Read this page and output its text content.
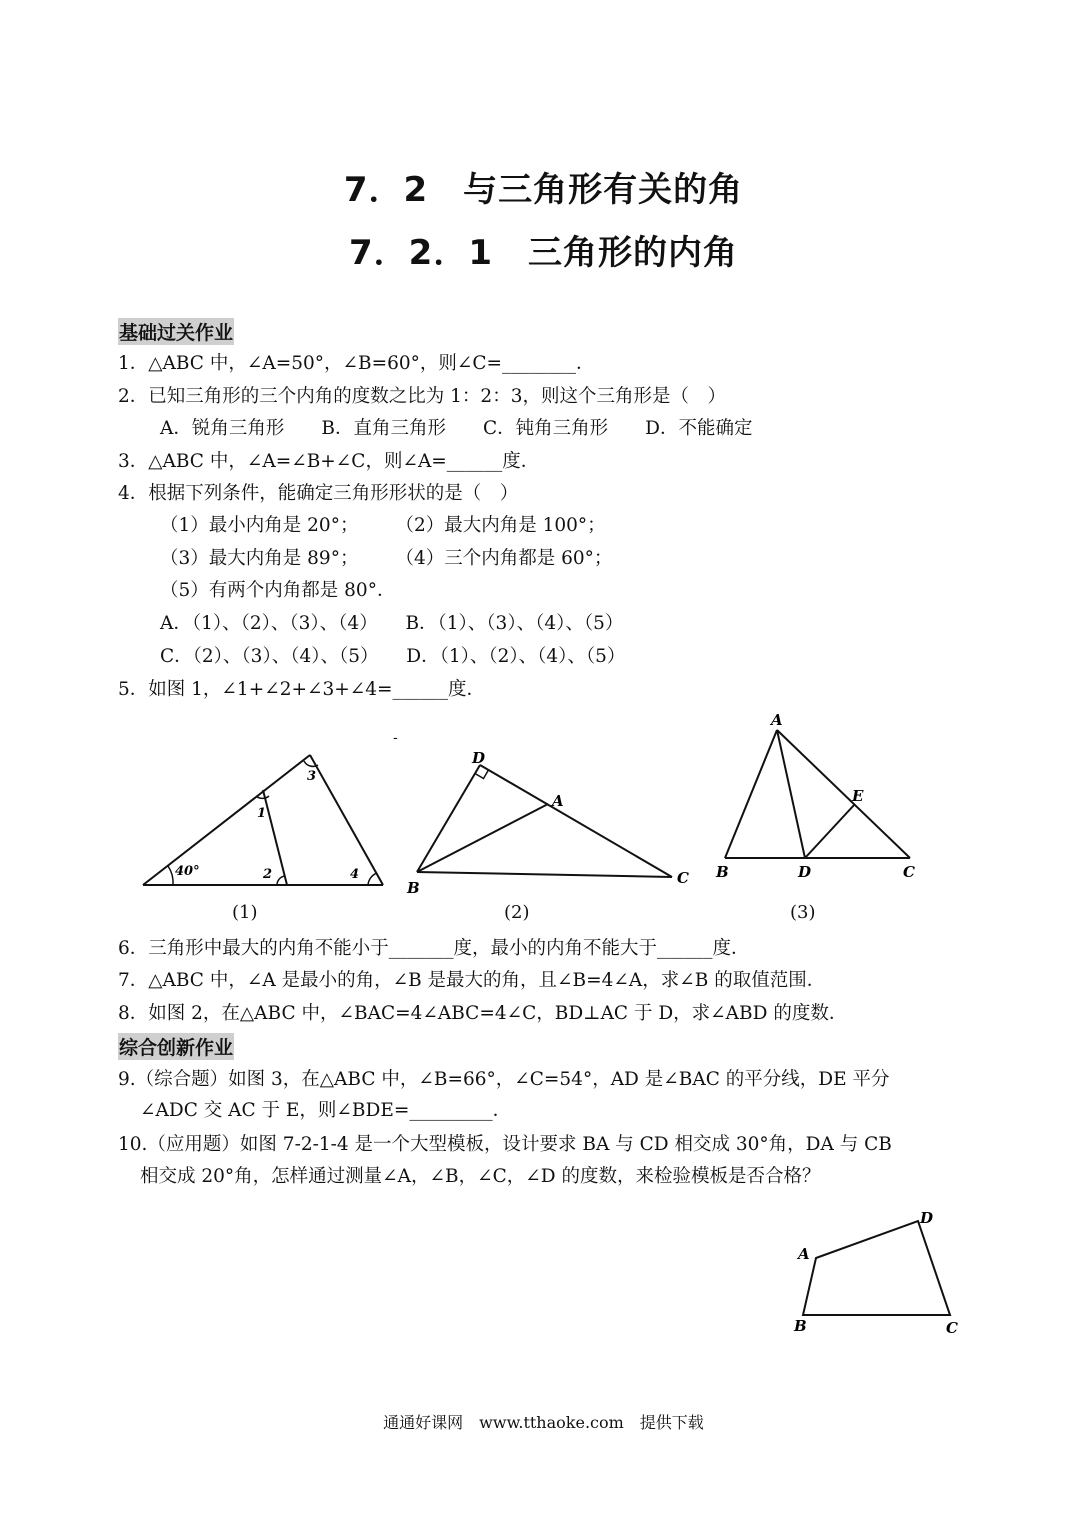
7．2　与三角形有关的角
7．2．1　三角形的内角
基础过关作业
1．△ABC 中，∠A=50°，∠B=60°，则∠C=________．
2．已知三角形的三个内角的度数之比为 1：2：3，则这个三角形是（　）
A．锐角三角形　　B．直角三角形　　C．钝角三角形　　D．不能确定
3．△ABC 中，∠A=∠B+∠C，则∠A=______度．
4．根据下列条件，能确定三角形形状的是（　）
（1）最小内角是 20°；　　　（2）最大内角是 100°；
（3）最大内角是 89°；　　　（4）三个内角都是 60°；
（5）有两个内角都是 80°．
A．（1）、（2）、（3）、（4）　　B．（1）、（3）、（4）、（5）
C．（2）、（3）、（4）、（5）　　D．（1）、（2）、（4）、（5）
5．如图 1，∠1+∠2+∠3+∠4=______度．
-
40°
1
2
3
4
(1)
D
A
B
C
(2)
A
B	D	C
E
(3)
6．三角形中最大的内角不能小于_______度，最小的内角不能大于______度．
7．△ABC 中，∠A 是最小的角，∠B 是最大的角，且∠B=4∠A，求∠B 的取值范围．
8．如图 2，在△ABC 中，∠BAC=4∠ABC=4∠C，BD⊥AC 于 D，求∠ABD 的度数．
综合创新作业
9.（综合题）如图 3，在△ABC 中，∠B=66°，∠C=54°，AD 是∠BAC 的平分线，DE 平分
∠ADC 交 AC 于 E，则∠BDE=_________．
10.（应用题）如图 7-2-1-4 是一个大型模板，设计要求 BA 与 CD 相交成 30°角，DA 与 CB
相交成 20°角，怎样通过测量∠A，∠B，∠C，∠D 的度数，来检验模板是否合格？
A
B	C
D
通通好课网　www.tthaoke.com　提供下载
